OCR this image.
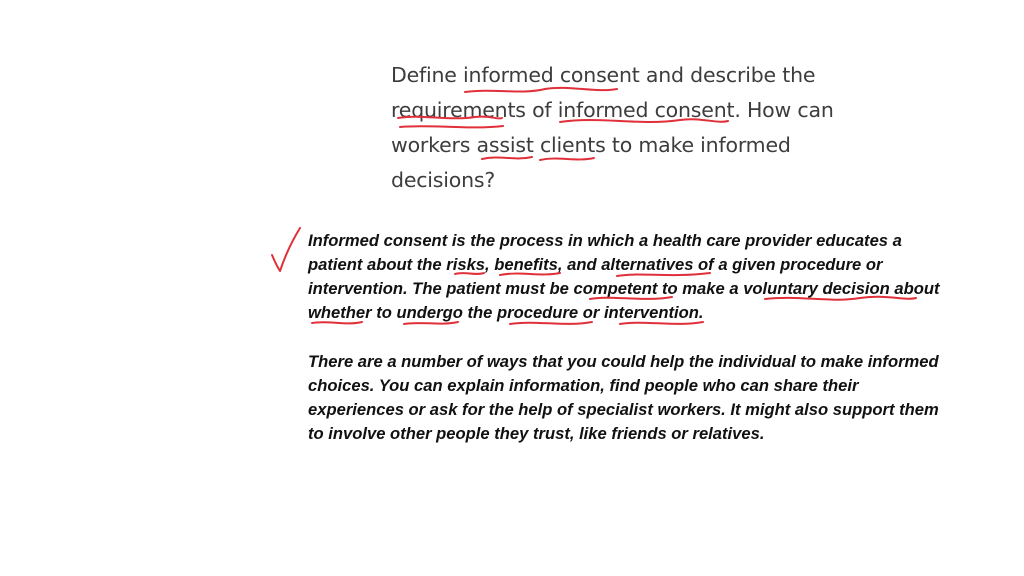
Define informed consent and describe the
requirements of informed consent. How can
workers assist clients to make informed
decisions?
Informed consent is the process in which a health care provider educates a
patient about the risks, benefits, and alternatives of a given procedure or
intervention. The patient must be competent to make a voluntary decision about
whether to undergo the procedure or intervention.
There are a number of ways that you could help the individual to make informed
choices. You can explain information, find people who can share their
experiences or ask for the help of specialist workers. It might also support them
to involve other people they trust, like friends or relatives.
